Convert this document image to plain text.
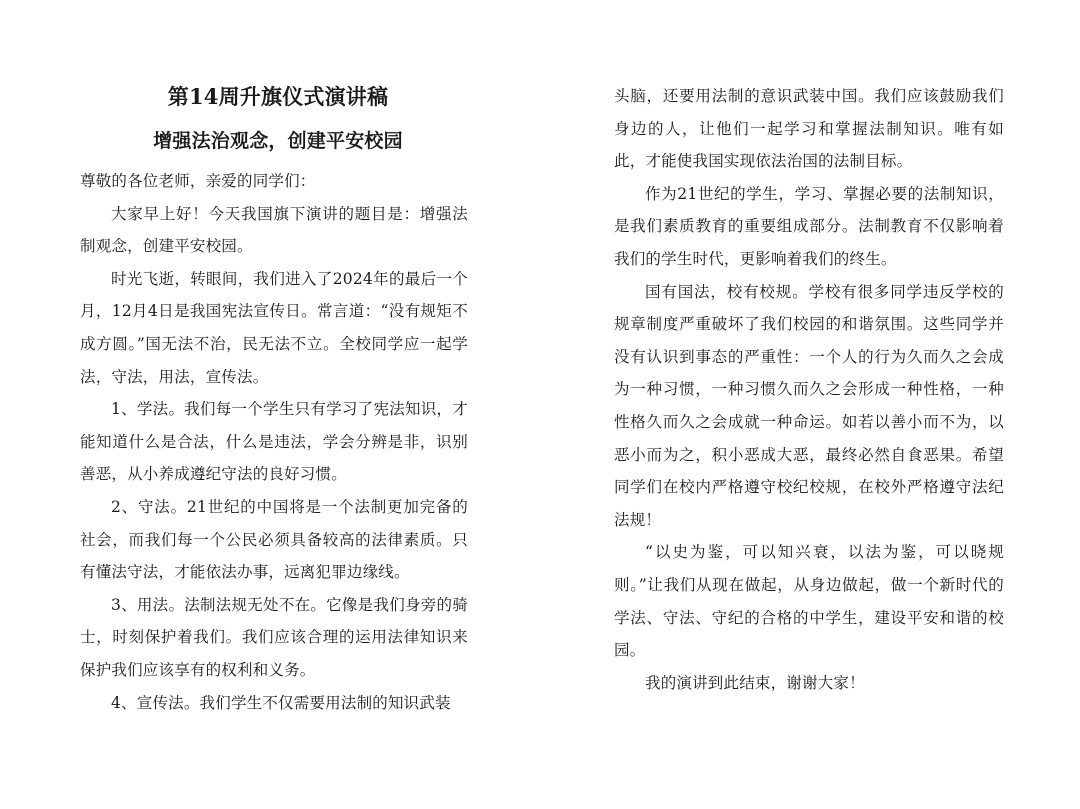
第14周升旗仪式演讲稿
增强法治观念，创建平安校园

尊敬的各位老师，亲爱的同学们：

大家早上好！今天我国旗下演讲的题目是：增强法制观念，创建平安校园。

时光飞逝，转眼间，我们进入了2024年的最后一个月，12月4日是我国宪法宣传日。常言道：“没有规矩不成方圆。”国无法不治，民无法不立。全校同学应一起学法，守法，用法，宣传法。

1、学法。我们每一个学生只有学习了宪法知识，才能知道什么是合法，什么是违法，学会分辨是非，识别善恶，从小养成遵纪守法的良好习惯。

2、守法。21世纪的中国将是一个法制更加完备的社会，而我们每一个公民必须具备较高的法律素质。只有懂法守法，才能依法办事，远离犯罪边缘线。

3、用法。法制法规无处不在。它像是我们身旁的骑士，时刻保护着我们。我们应该合理的运用法律知识来保护我们应该享有的权利和义务。

4、宣传法。我们学生不仅需要用法制的知识武装

头脑，还要用法制的意识武装中国。我们应该鼓励我们身边的人，让他们一起学习和掌握法制知识。唯有如此，才能使我国实现依法治国的法制目标。

作为21世纪的学生，学习、掌握必要的法制知识，是我们素质教育的重要组成部分。法制教育不仅影响着我们的学生时代，更影响着我们的终生。

国有国法，校有校规。学校有很多同学违反学校的规章制度严重破坏了我们校园的和谐氛围。这些同学并没有认识到事态的严重性：一个人的行为久而久之会成为一种习惯，一种习惯久而久之会形成一种性格，一种性格久而久之会成就一种命运。如若以善小而不为，以恶小而为之，积小恶成大恶，最终必然自食恶果。希望同学们在校内严格遵守校纪校规，在校外严格遵守法纪法规！

“以史为鉴，可以知兴衰，以法为鉴，可以晓规则。”让我们从现在做起，从身边做起，做一个新时代的学法、守法、守纪的合格的中学生，建设平安和谐的校园。

我的演讲到此结束，谢谢大家！
